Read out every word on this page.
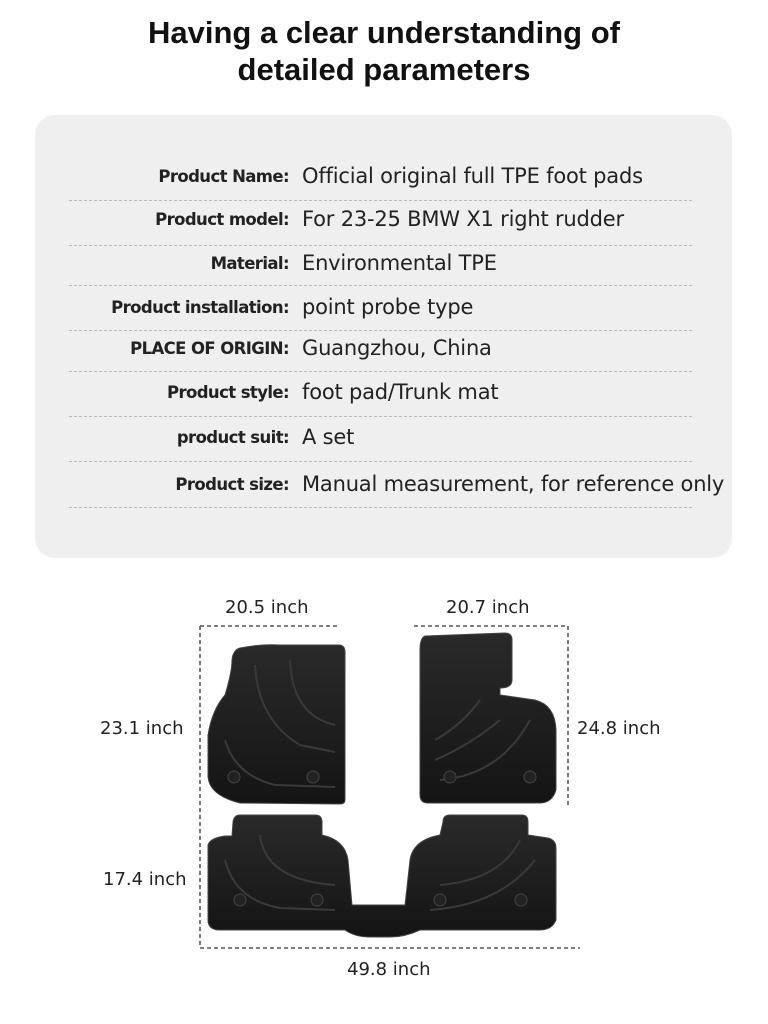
Having a clear understanding of
detailed parameters
Product Name: Official original full TPE foot pads
Product model: For 23-25 BMW X1 right rudder
Material: Environmental TPE
Product installation: point probe type
PLACE OF ORIGIN: Guangzhou, China
Product style: foot pad/Trunk mat
product suit: A set
Product size: Manual measurement, for reference only
20.5 inch	20.7 inch
23.1 inch	24.8 inch
17.4 inch
49.8 inch
